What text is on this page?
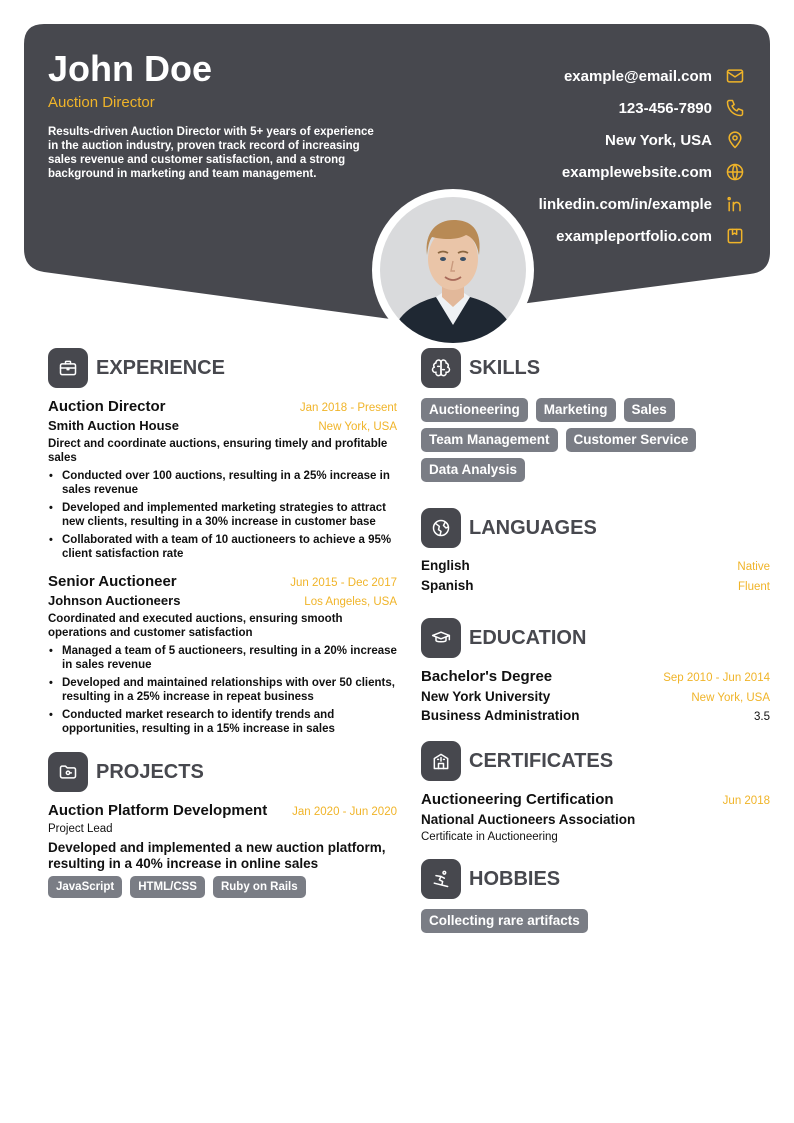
John Doe
Auction Director
Results-driven Auction Director with 5+ years of experience in the auction industry, proven track record of increasing sales revenue and customer satisfaction, and a strong background in marketing and team management.
example@email.com
123-456-7890
New York, USA
examplewebsite.com
linkedin.com/in/example
exampleportfolio.com
EXPERIENCE
Auction Director	Jan 2018 - Present
Smith Auction House	New York, USA
Direct and coordinate auctions, ensuring timely and profitable sales
• Conducted over 100 auctions, resulting in a 25% increase in sales revenue
• Developed and implemented marketing strategies to attract new clients, resulting in a 30% increase in customer base
• Collaborated with a team of 10 auctioneers to achieve a 95% client satisfaction rate
Senior Auctioneer	Jun 2015 - Dec 2017
Johnson Auctioneers	Los Angeles, USA
Coordinated and executed auctions, ensuring smooth operations and customer satisfaction
• Managed a team of 5 auctioneers, resulting in a 20% increase in sales revenue
• Developed and maintained relationships with over 50 clients, resulting in a 25% increase in repeat business
• Conducted market research to identify trends and opportunities, resulting in a 15% increase in sales
PROJECTS
Auction Platform Development Jan 2020 - Jun 2020
Project Lead
Developed and implemented a new auction platform, resulting in a 40% increase in online sales
JavaScript	HTML/CSS	Ruby on Rails
SKILLS
Auctioneering	Marketing	Sales
Team Management	Customer Service
Data Analysis
LANGUAGES
English	Native
Spanish	Fluent
EDUCATION
Bachelor's Degree	Sep 2010 - Jun 2014
New York University	New York, USA
Business Administration	3.5
CERTIFICATES
Auctioneering Certification	Jun 2018
National Auctioneers Association
Certificate in Auctioneering
HOBBIES
Collecting rare artifacts
